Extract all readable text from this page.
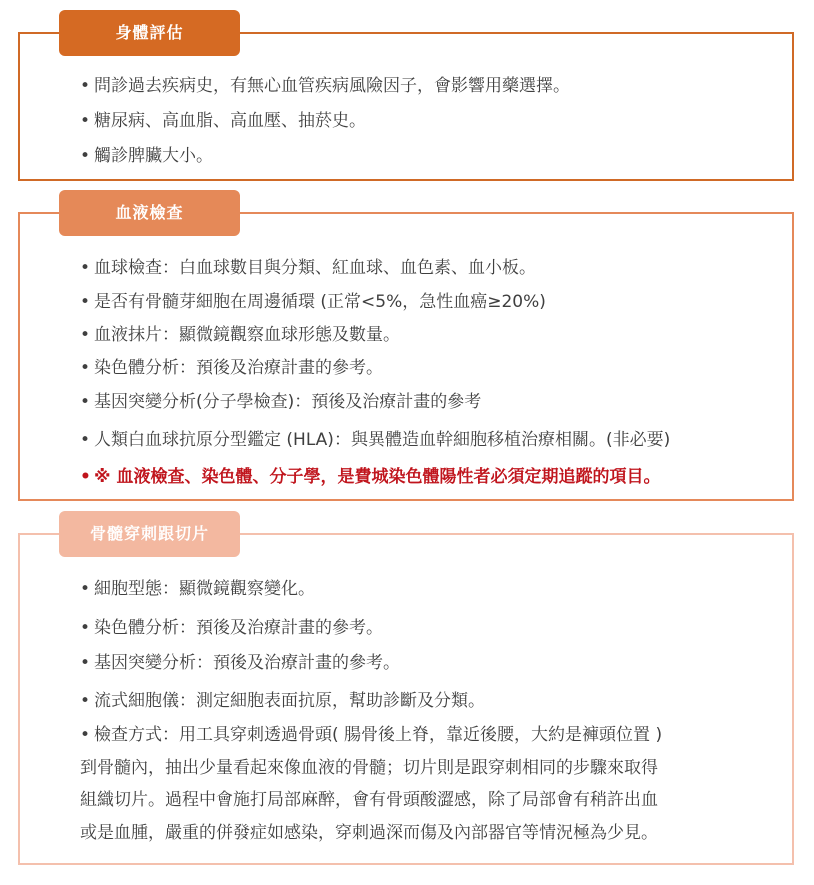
身體評估
• 問診過去疾病史，有無心血管疾病風險因子，會影響用藥選擇。
• 糖尿病、高血脂、高血壓、抽菸史。
• 觸診脾臟大小。
血液檢查
• 血球檢查：白血球數目與分類、紅血球、血色素、血小板。
• 是否有骨髓芽細胞在周邊循環 (正常<5%，急性血癌≥20%)
• 血液抹片：顯微鏡觀察血球形態及數量。
• 染色體分析：預後及治療計畫的參考。
• 基因突變分析(分子學檢查)：預後及治療計畫的參考
• 人類白血球抗原分型鑑定 (HLA)：與異體造血幹細胞移植治療相關。(非必要)
• ※ 血液檢查、染色體、分子學，是費城染色體陽性者必須定期追蹤的項目。
骨髓穿刺跟切片
• 細胞型態：顯微鏡觀察變化。
• 染色體分析：預後及治療計畫的參考。
• 基因突變分析：預後及治療計畫的參考。
• 流式細胞儀：測定細胞表面抗原，幫助診斷及分類。
• 檢查方式：用工具穿刺透過骨頭( 腸骨後上脊，靠近後腰，大約是褲頭位置 )
到骨髓內，抽出少量看起來像血液的骨髓；切片則是跟穿刺相同的步驟來取得
組織切片。過程中會施打局部麻醉，會有骨頭酸澀感，除了局部會有稍許出血
或是血腫，嚴重的併發症如感染，穿刺過深而傷及內部器官等情況極為少見。
